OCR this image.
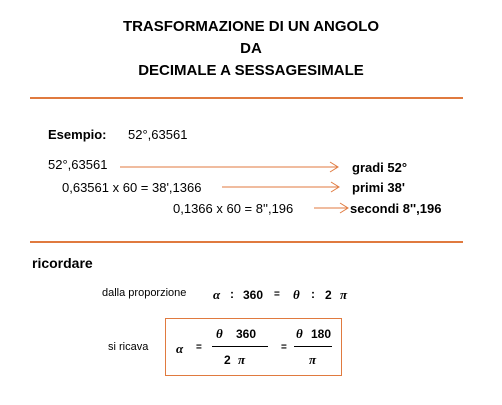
TRASFORMAZIONE DI UN ANGOLO
DA
DECIMALE A SESSAGESIMALE
Esempio: 52°,63561
52°,63561	gradi 52°
0,63561 x 60 = 38',1366	primi 38'
0,1366 x 60 = 8'',196	secondi 8'',196
ricordare
dalla proporzione α : 360 = θ : 2 π
si ricava α =
θ 360
2 π
=
θ 180
π
